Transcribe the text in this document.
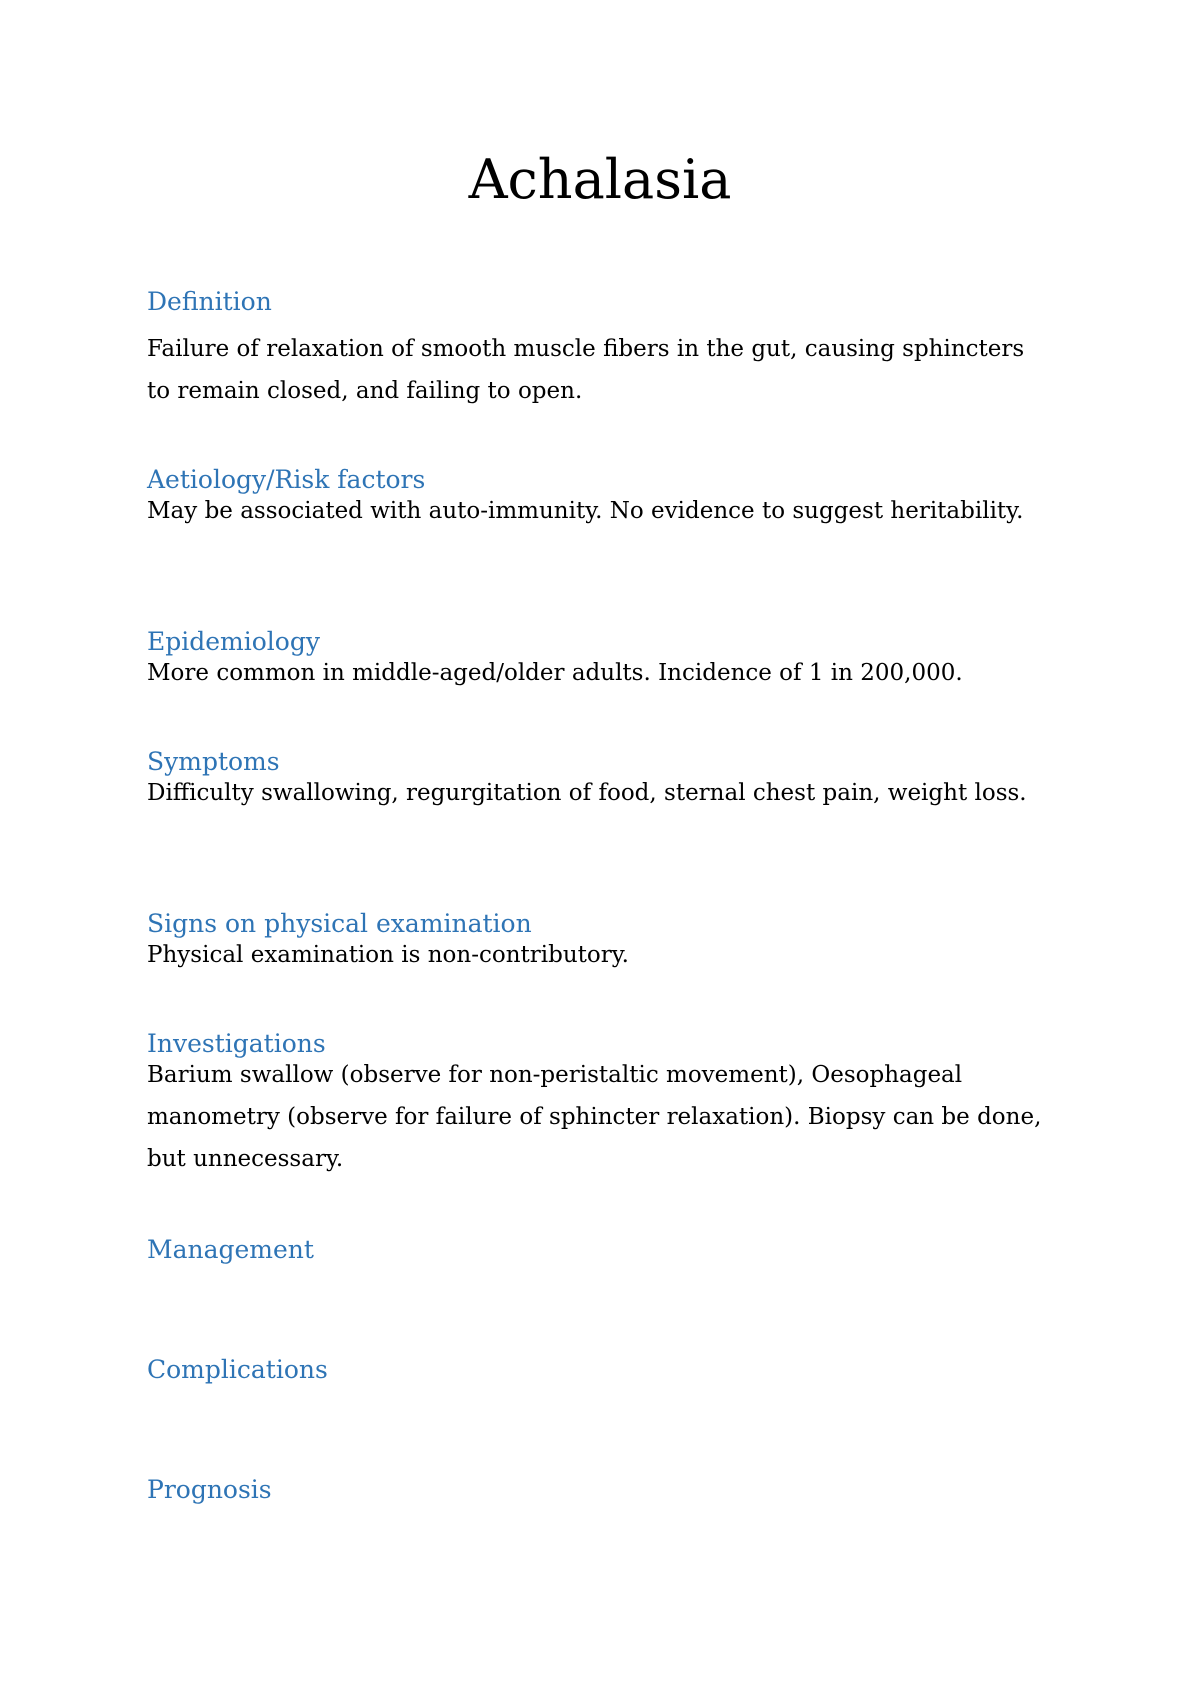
Achalasia
Definition

Failure of relaxation of smooth muscle fibers in the gut, causing sphincters to remain closed, and failing to open.

Aetiology/Risk factors

May be associated with auto-immunity. No evidence to suggest heritability.

Epidemiology

More common in middle-aged/older adults. Incidence of 1 in 200,000.

Symptoms

Difficulty swallowing, regurgitation of food, sternal chest pain, weight loss.

Signs on physical examination

Physical examination is non-contributory.

Investigations

Barium swallow (observe for non-peristaltic movement), Oesophageal manometry (observe for failure of sphincter relaxation). Biopsy can be done, but unnecessary.

Management

Complications

Prognosis
